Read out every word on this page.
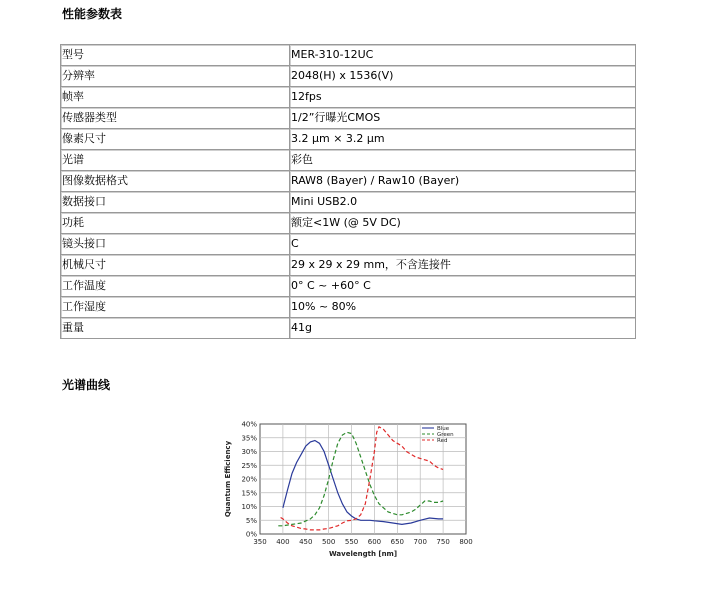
性能参数表
型号	MER-310-12UC
分辨率	2048(H) x 1536(V)
帧率	12fps
传感器类型	1/2”行曝光CMOS
像素尺寸	3.2 μm × 3.2 μm
光谱	彩色
图像数据格式	RAW8 (Bayer) / Raw10 (Bayer)
数据接口	Mini USB2.0
功耗	额定<1W (@ 5V DC)
镜头接口	C
机械尺寸	29 x 29 x 29 mm，不含连接件
工作温度	0° C ~ +60° C
工作湿度	10% ~ 80%
重量	41g
光谱曲线
0%
5%
10%
15%
20%
25%
30%
35%
40%
350 400 450 500 550 600 650 700 750 800
Wavelength [nm]
Quantum Efficiency
Blue
Green
Red
